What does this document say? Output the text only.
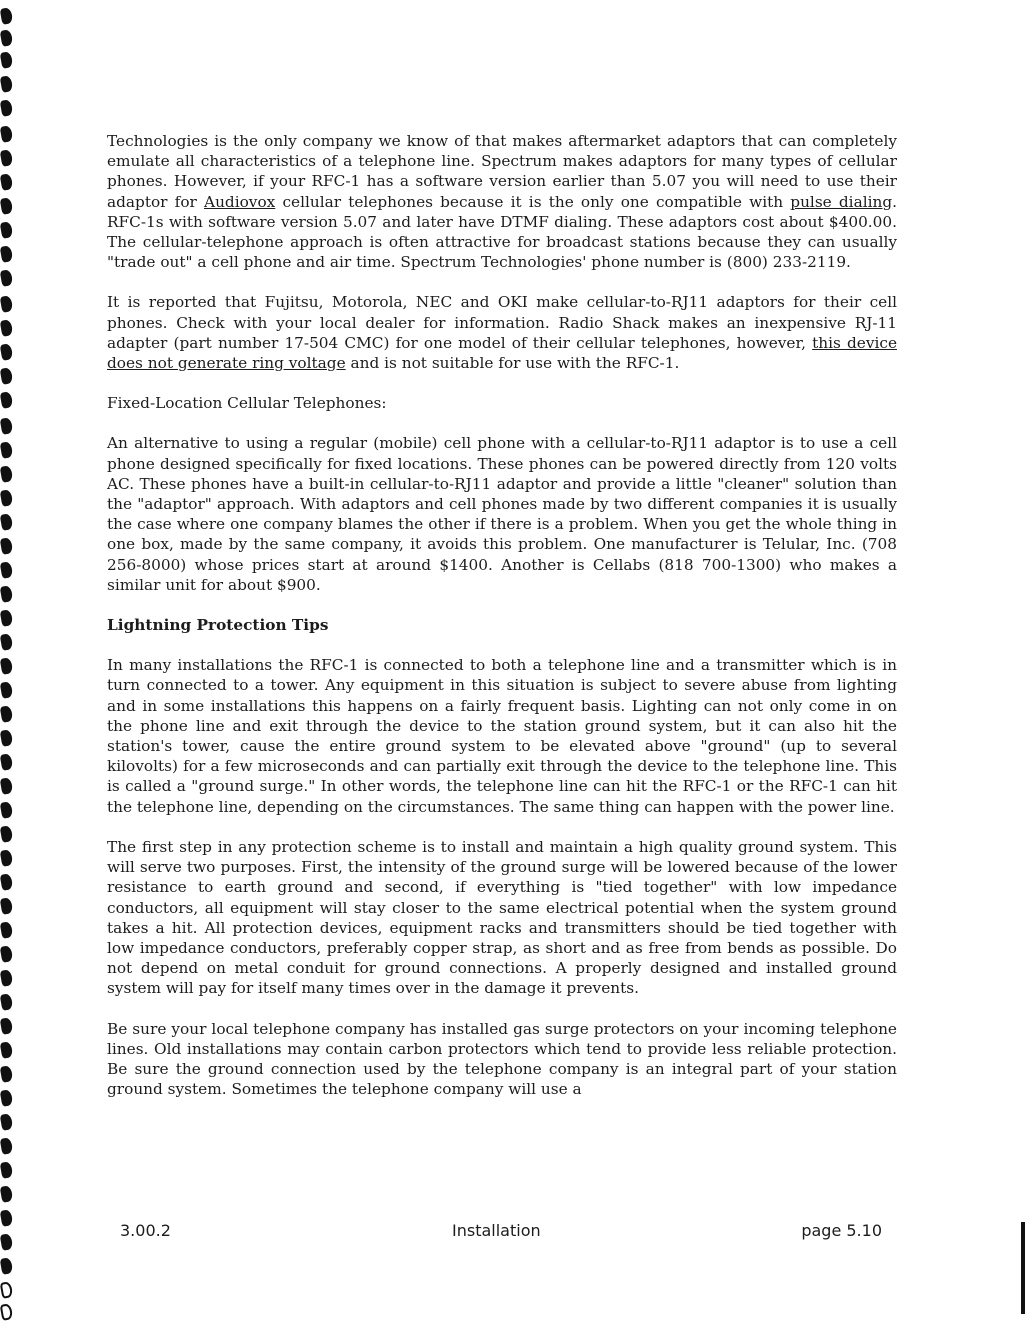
Technologies is the only company we know of that makes aftermarket adaptors that can completely emulate all characteristics of a telephone line. Spectrum makes adaptors for many types of cellular phones. However, if your RFC-1 has a software version earlier than 5.07 you will need to use their adaptor for Audiovox cellular telephones because it is the only one compatible with pulse dialing. RFC-1s with software version 5.07 and later have DTMF dialing. These adaptors cost about $400.00. The cellular-telephone approach is often attractive for broadcast stations because they can usually "trade out" a cell phone and air time. Spectrum Technologies' phone number is (800) 233-2119.

It is reported that Fujitsu, Motorola, NEC and OKI make cellular-to-RJ11 adaptors for their cell phones. Check with your local dealer for information. Radio Shack makes an inexpensive RJ-11 adapter (part number 17-504 CMC) for one model of their cellular telephones, however, this device does not generate ring voltage and is not suitable for use with the RFC-1.

Fixed-Location Cellular Telephones:

An alternative to using a regular (mobile) cell phone with a cellular-to-RJ11 adaptor is to use a cell phone designed specifically for fixed locations. These phones can be powered directly from 120 volts AC. These phones have a built-in cellular-to-RJ11 adaptor and provide a little "cleaner" solution than the "adaptor" approach. With adaptors and cell phones made by two different companies it is usually the case where one company blames the other if there is a problem. When you get the whole thing in one box, made by the same company, it avoids this problem. One manufacturer is Telular, Inc. (708 256-8000) whose prices start at around $1400. Another is Cellabs (818 700-1300) who makes a similar unit for about $900.

Lightning Protection Tips

In many installations the RFC-1 is connected to both a telephone line and a transmitter which is in turn connected to a tower. Any equipment in this situation is subject to severe abuse from lighting and in some installations this happens on a fairly frequent basis. Lighting can not only come in on the phone line and exit through the device to the station ground system, but it can also hit the station's tower, cause the entire ground system to be elevated above "ground" (up to several kilovolts) for a few microseconds and can partially exit through the device to the telephone line. This is called a "ground surge." In other words, the telephone line can hit the RFC-1 or the RFC-1 can hit the telephone line, depending on the circumstances. The same thing can happen with the power line.

The first step in any protection scheme is to install and maintain a high quality ground system. This will serve two purposes. First, the intensity of the ground surge will be lowered because of the lower resistance to earth ground and second, if everything is "tied together" with low impedance conductors, all equipment will stay closer to the same electrical potential when the system ground takes a hit. All protection devices, equipment racks and transmitters should be tied together with low impedance conductors, preferably copper strap, as short and as free from bends as possible. Do not depend on metal conduit for ground connections. A properly designed and installed ground system will pay for itself many times over in the damage it prevents.

Be sure your local telephone company has installed gas surge protectors on your incoming telephone lines. Old installations may contain carbon protectors which tend to provide less reliable protection. Be sure the ground connection used by the telephone company is an integral part of your station ground system. Sometimes the telephone company will use a

3.00.2	Installation	page 5.10
